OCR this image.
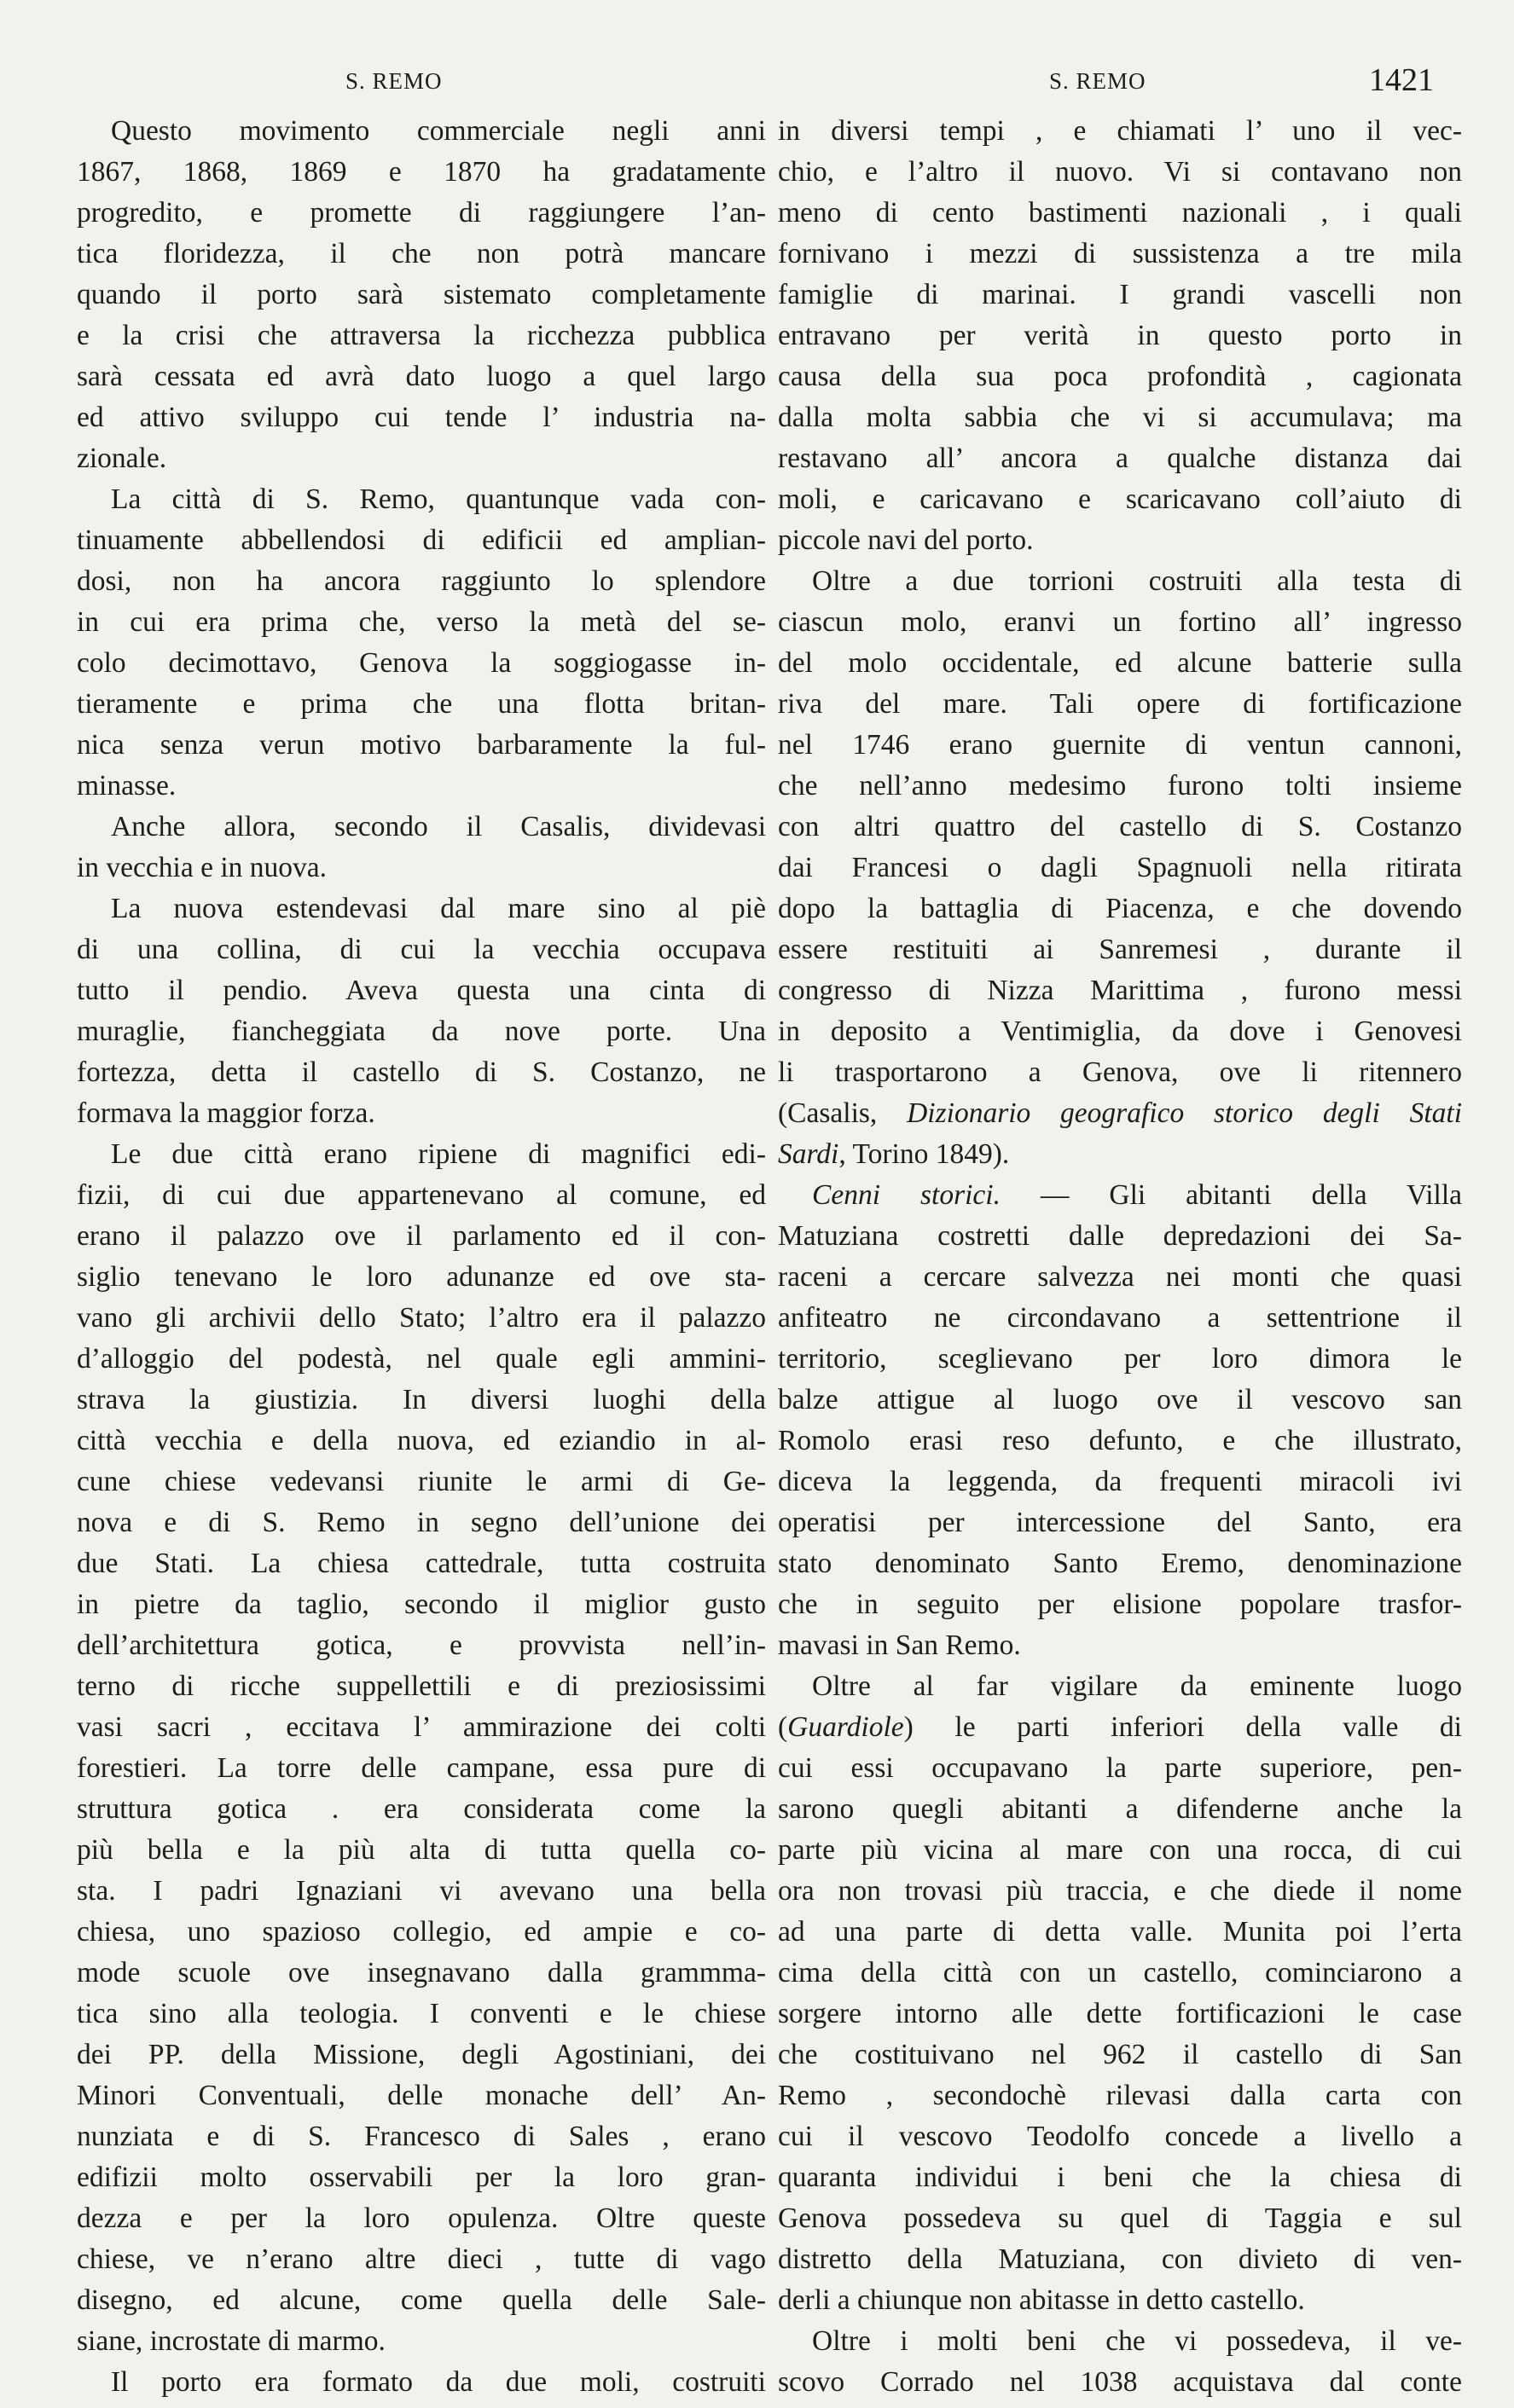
S. REMO	S. REMO	1421
Questo movimento commerciale negli anni
1867, 1868, 1869 e 1870 ha gradatamente
progredito, e promette di raggiungere l’an-
tica floridezza, il che non potrà mancare
quando il porto sarà sistemato completamente
e la crisi che attraversa la ricchezza pubblica
sarà cessata ed avrà dato luogo a quel largo
ed attivo sviluppo cui tende l’ industria na-
zionale.
La città di S. Remo, quantunque vada con-
tinuamente abbellendosi di edificii ed amplian-
dosi, non ha ancora raggiunto lo splendore
in cui era prima che, verso la metà del se-
colo decimottavo, Genova la soggiogasse in-
tieramente e prima che una flotta britan-
nica senza verun motivo barbaramente la ful-
minasse.
Anche allora, secondo il Casalis, dividevasi
in vecchia e in nuova.
La nuova estendevasi dal mare sino al piè
di una collina, di cui la vecchia occupava
tutto il pendio. Aveva questa una cinta di
muraglie, fiancheggiata da nove porte. Una
fortezza, detta il castello di S. Costanzo, ne
formava la maggior forza.
Le due città erano ripiene di magnifici edi-
fizii, di cui due appartenevano al comune, ed
erano il palazzo ove il parlamento ed il con-
siglio tenevano le loro adunanze ed ove sta-
vano gli archivii dello Stato; l’altro era il palazzo
d’alloggio del podestà, nel quale egli ammini-
strava la giustizia. In diversi luoghi della
città vecchia e della nuova, ed eziandio in al-
cune chiese vedevansi riunite le armi di Ge-
nova e di S. Remo in segno dell’unione dei
due Stati. La chiesa cattedrale, tutta costruita
in pietre da taglio, secondo il miglior gusto
dell’architettura gotica, e provvista nell’in-
terno di ricche suppellettili e di preziosissimi
vasi sacri , eccitava l’ ammirazione dei colti
forestieri. La torre delle campane, essa pure di
struttura gotica . era considerata come la
più bella e la più alta di tutta quella co-
sta. I padri Ignaziani vi avevano una bella
chiesa, uno spazioso collegio, ed ampie e co-
mode scuole ove insegnavano dalla grammma-
tica sino alla teologia. I conventi e le chiese
dei PP. della Missione, degli Agostiniani, dei
Minori Conventuali, delle monache dell’ An-
nunziata e di S. Francesco di Sales , erano
edifizii molto osservabili per la loro gran-
dezza e per la loro opulenza. Oltre queste
chiese, ve n’erano altre dieci , tutte di vago
disegno, ed alcune, come quella delle Sale-
siane, incrostate di marmo.
Il porto era formato da due moli, costruiti
in diversi tempi , e chiamati l’ uno il vec-
chio, e l’altro il nuovo. Vi si contavano non
meno di cento bastimenti nazionali , i quali
fornivano i mezzi di sussistenza a tre mila
famiglie di marinai. I grandi vascelli non
entravano per verità in questo porto in
causa della sua poca profondità , cagionata
dalla molta sabbia che vi si accumulava; ma
restavano all’ ancora a qualche distanza dai
moli, e caricavano e scaricavano coll’aiuto di
piccole navi del porto.
Oltre a due torrioni costruiti alla testa di
ciascun molo, eranvi un fortino all’ ingresso
del molo occidentale, ed alcune batterie sulla
riva del mare. Tali opere di fortificazione
nel 1746 erano guernite di ventun cannoni,
che nell’anno medesimo furono tolti insieme
con altri quattro del castello di S. Costanzo
dai Francesi o dagli Spagnuoli nella ritirata
dopo la battaglia di Piacenza, e che dovendo
essere restituiti ai Sanremesi , durante il
congresso di Nizza Marittima , furono messi
in deposito a Ventimiglia, da dove i Genovesi
li trasportarono a Genova, ove li ritennero
(Casalis, Dizionario geografico storico degli Stati
Sardi, Torino 1849).
Cenni storici. — Gli abitanti della Villa
Matuziana costretti dalle depredazioni dei Sa-
raceni a cercare salvezza nei monti che quasi
anfiteatro ne circondavano a settentrione il
territorio, sceglievano per loro dimora le
balze attigue al luogo ove il vescovo san
Romolo erasi reso defunto, e che illustrato,
diceva la leggenda, da frequenti miracoli ivi
operatisi per intercessione del Santo, era
stato denominato Santo Eremo, denominazione
che in seguito per elisione popolare trasfor-
mavasi in San Remo.
Oltre al far vigilare da eminente luogo
(Guardiole) le parti inferiori della valle di
cui essi occupavano la parte superiore, pen-
sarono quegli abitanti a difenderne anche la
parte più vicina al mare con una rocca, di cui
ora non trovasi più traccia, e che diede il nome
ad una parte di detta valle. Munita poi l’erta
cima della città con un castello, cominciarono a
sorgere intorno alle dette fortificazioni le case
che costituivano nel 962 il castello di San
Remo , secondochè rilevasi dalla carta con
cui il vescovo Teodolfo concede a livello a
quaranta individui i beni che la chiesa di
Genova possedeva su quel di Taggia e sul
distretto della Matuziana, con divieto di ven-
derli a chiunque non abitasse in detto castello.
Oltre i molti beni che vi possedeva, il ve-
scovo Corrado nel 1038 acquistava dal conte
